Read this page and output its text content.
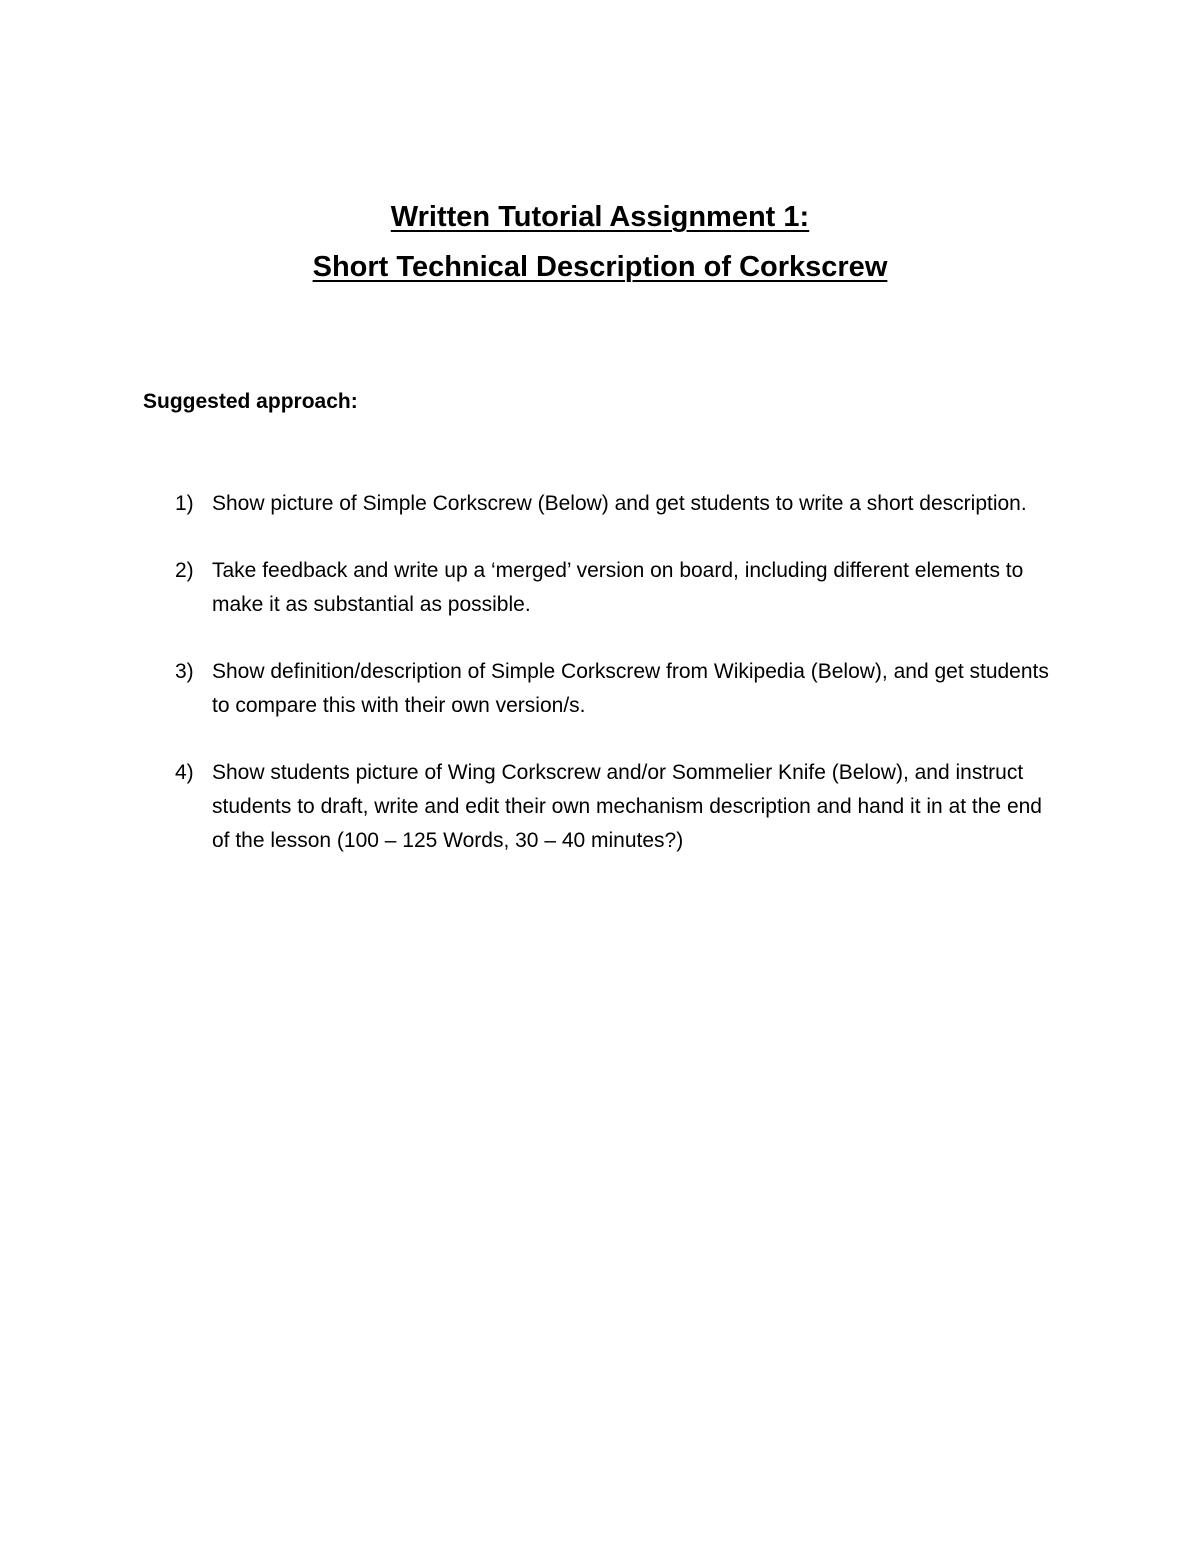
Written Tutorial Assignment 1:

Short Technical Description of Corkscrew

Suggested approach:

1) Show picture of Simple Corkscrew (Below) and get students to write a short description.
2) Take feedback and write up a ‘merged’ version on board, including different elements to make it as substantial as possible.
3) Show definition/description of Simple Corkscrew from Wikipedia (Below), and get students to compare this with their own version/s.
4) Show students picture of Wing Corkscrew and/or Sommelier Knife (Below), and instruct students to draft, write and edit their own mechanism description and hand it in at the end of the lesson (100 – 125 Words, 30 – 40 minutes?)
